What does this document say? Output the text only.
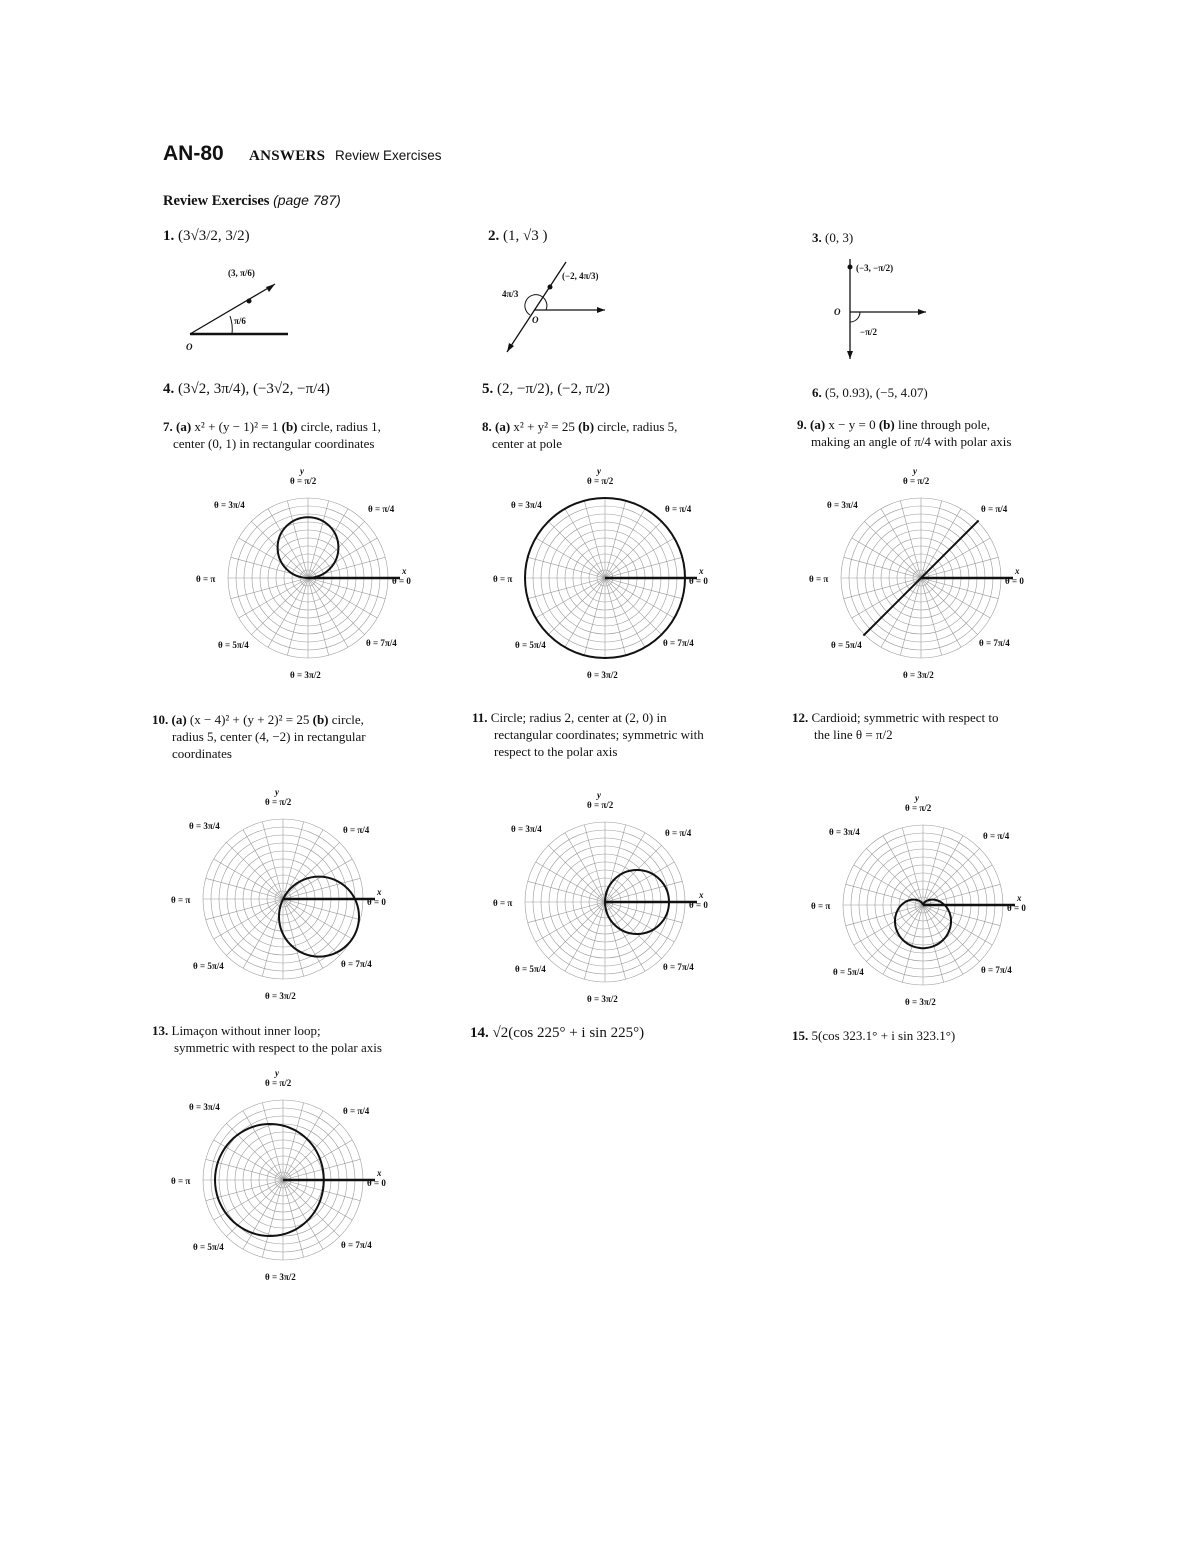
AN-80 ANSWERS Review Exercises
Review Exercises (page 787)
1. (3√3/2, 3/2)	2. (1, √3 )	3. (0, 3)
(3, π/6)
π/6
O
(−2, 4π/3)
4π/3
O
(−3, −π/2)
O
−π/2
4. (3√2, 3π/4), (−3√2, −π/4)	5. (2, −π/2), (−2, π/2)	6. (5, 0.93), (−5, 4.07)
7. (a) x² + (y − 1)² = 1 (b) circle, radius 1,
center (0, 1) in rectangular coordinates
8. (a) x² + y² = 25 (b) circle, radius 5,
center at pole
9. (a) x − y = 0 (b) line through pole,
making an angle of π/4 with polar axis
θ = π/2
θ = 3π/4	θ = π/4
θ = π	θ = 0
θ = 5π/4	θ = 7π/4
θ = 3π/2
x
y
θ = π/2
θ = 3π/4	θ = π/4
θ = π	θ = 0
θ = 5π/4	θ = 7π/4
θ = 3π/2
x
y
θ = π/2
θ = 3π/4	θ = π/4
θ = π	θ = 0
θ = 5π/4	θ = 7π/4
θ = 3π/2
x
y
θ = π/2
θ = 3π/4	θ = π/4
θ = π	θ = 0
θ = 5π/4	θ = 7π/4
θ = 3π/2
x
y
θ = π/2
θ = 3π/4	θ = π/4
θ = π	θ = 0
θ = 5π/4	θ = 7π/4
θ = 3π/2
x
y
θ = π/2
θ = 3π/4	θ = π/4
θ = π	θ = 0
θ = 5π/4	θ = 7π/4
θ = 3π/2
x
y
θ = π/2
θ = 3π/4	θ = π/4
θ = π	θ = 0
θ = 5π/4	θ = 7π/4
θ = 3π/2
x
y
10. (a) (x − 4)² + (y + 2)² = 25 (b) circle,
radius 5, center (4, −2) in rectangular
coordinates
11. Circle; radius 2, center at (2, 0) in
rectangular coordinates; symmetric with
respect to the polar axis
12. Cardioid; symmetric with respect to
the line θ = π/2
13. Limaçon without inner loop;
symmetric with respect to the polar axis
14. √2(cos 225° + i sin 225°)	15. 5(cos 323.1° + i sin 323.1°)
